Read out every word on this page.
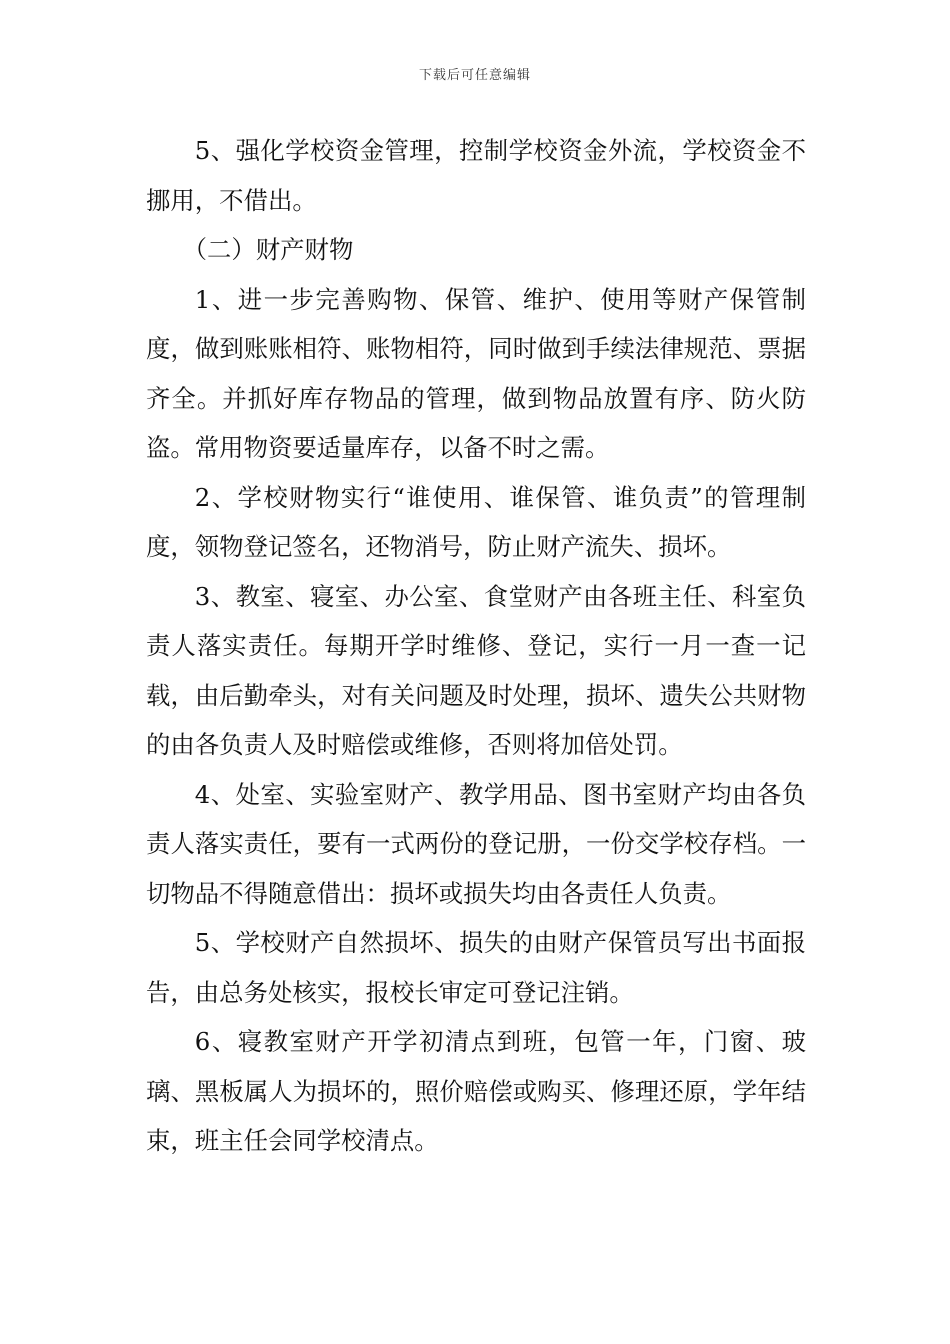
下载后可任意编辑

5、强化学校资金管理，控制学校资金外流，学校资金不挪用，不借出。

（二）财产财物

1、进一步完善购物、保管、维护、使用等财产保管制度，做到账账相符、账物相符，同时做到手续法律规范、票据齐全。并抓好库存物品的管理，做到物品放置有序、防火防盗。常用物资要适量库存，以备不时之需。

2、学校财物实行“谁使用、谁保管、谁负责”的管理制度，领物登记签名，还物消号，防止财产流失、损坏。

3、教室、寝室、办公室、食堂财产由各班主任、科室负责人落实责任。每期开学时维修、登记，实行一月一查一记载，由后勤牵头，对有关问题及时处理，损坏、遗失公共财物的由各负责人及时赔偿或维修，否则将加倍处罚。

4、处室、实验室财产、教学用品、图书室财产均由各负责人落实责任，要有一式两份的登记册，一份交学校存档。一切物品不得随意借出：损坏或损失均由各责任人负责。

5、学校财产自然损坏、损失的由财产保管员写出书面报告，由总务处核实，报校长审定可登记注销。

6、寝教室财产开学初清点到班，包管一年，门窗、玻璃、黑板属人为损坏的，照价赔偿或购买、修理还原，学年结束，班主任会同学校清点。
